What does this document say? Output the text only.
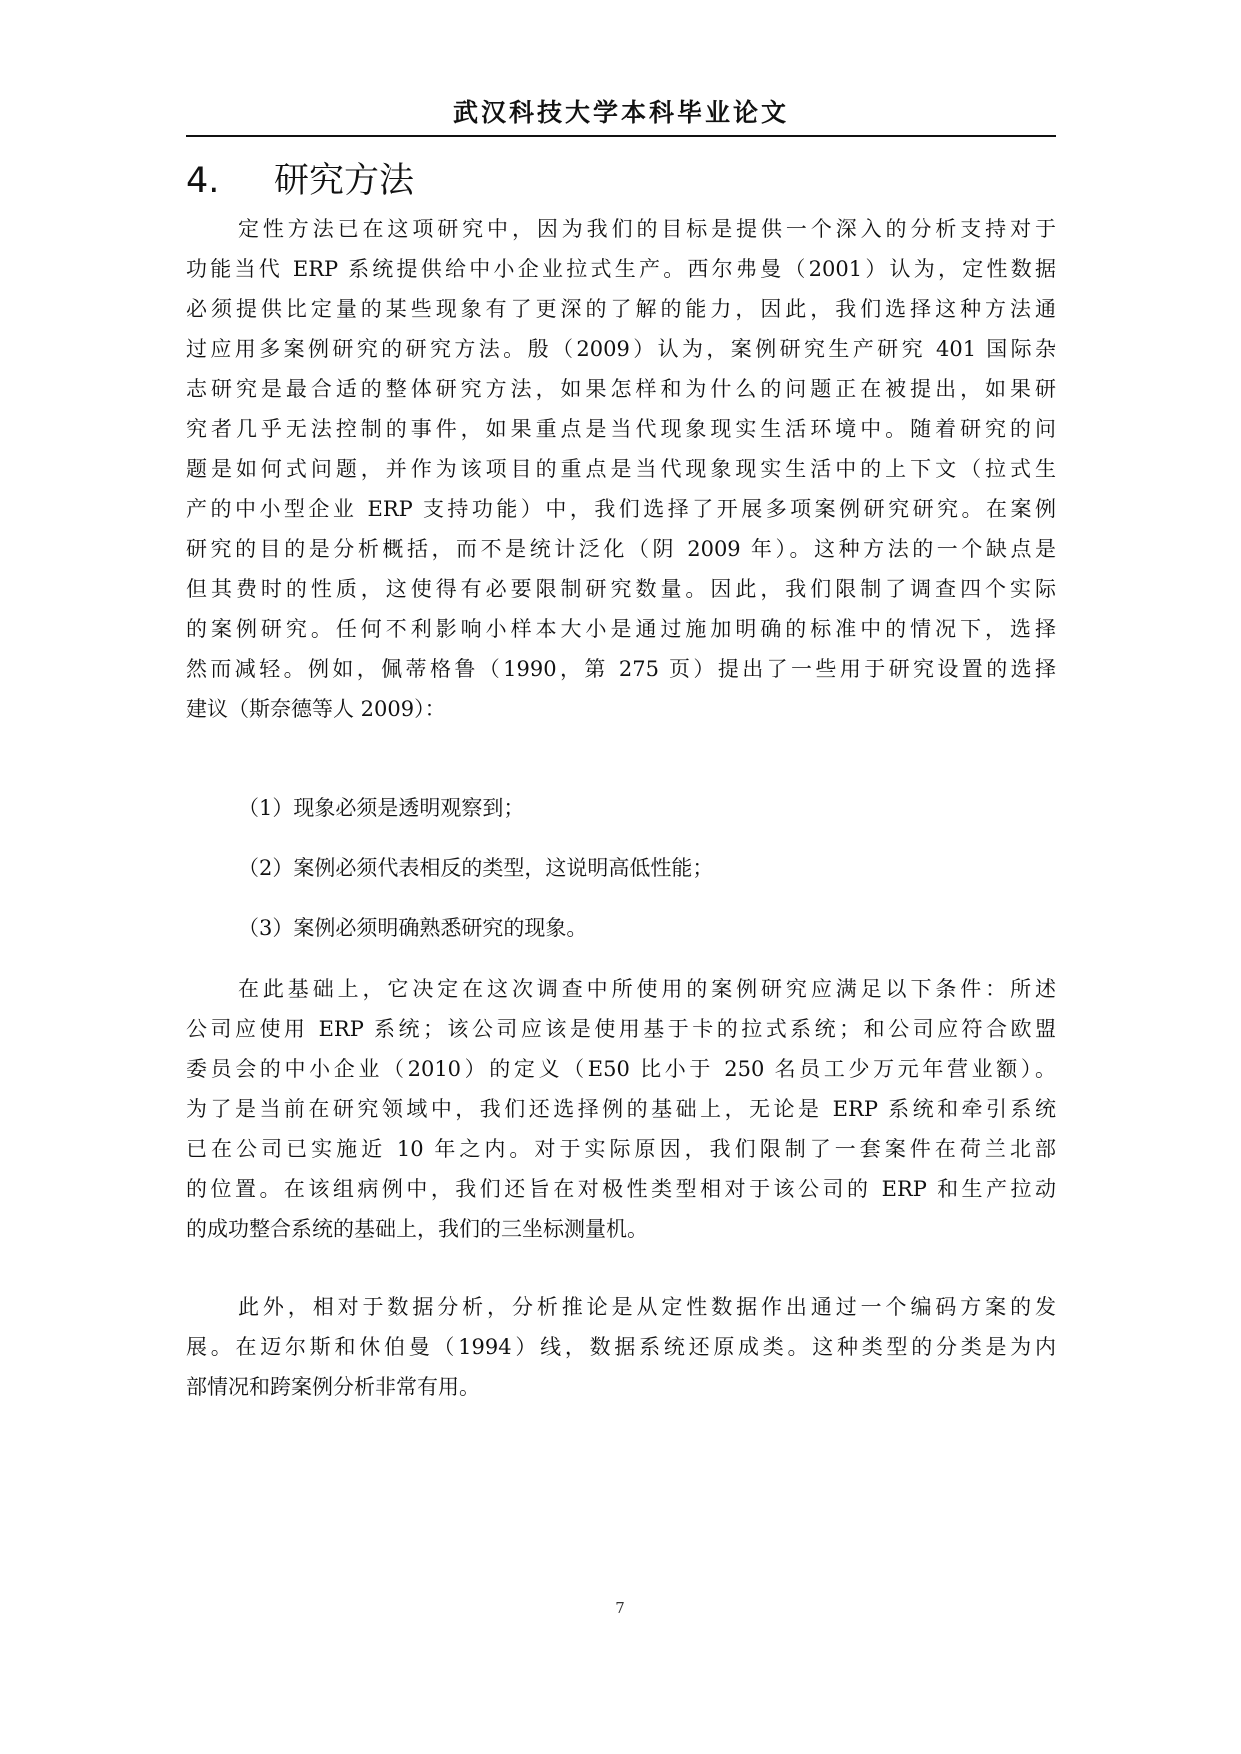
武汉科技大学本科毕业论文
4. 研究方法
定性方法已在这项研究中，因为我们的目标是提供一个深入的分析支持对于
功能当代 ERP 系统提供给中小企业拉式生产。西尔弗曼（2001）认为，定性数据
必须提供比定量的某些现象有了更深的了解的能力，因此，我们选择这种方法通
过应用多案例研究的研究方法。殷（2009）认为，案例研究生产研究 401 国际杂
志研究是最合适的整体研究方法，如果怎样和为什么的问题正在被提出，如果研
究者几乎无法控制的事件，如果重点是当代现象现实生活环境中。随着研究的问
题是如何式问题，并作为该项目的重点是当代现象现实生活中的上下文（拉式生
产的中小型企业 ERP 支持功能）中，我们选择了开展多项案例研究研究。在案例
研究的目的是分析概括，而不是统计泛化（阴 2009 年）。这种方法的一个缺点是
但其费时的性质，这使得有必要限制研究数量。因此，我们限制了调查四个实际
的案例研究。任何不利影响小样本大小是通过施加明确的标准中的情况下，选择
然而减轻。例如，佩蒂格鲁（1990，第 275 页）提出了一些用于研究设置的选择
建议（斯奈德等人 2009）：
（1）现象必须是透明观察到；
（2）案例必须代表相反的类型，这说明高低性能；
（3）案例必须明确熟悉研究的现象。
在此基础上，它决定在这次调查中所使用的案例研究应满足以下条件：所述
公司应使用 ERP 系统；该公司应该是使用基于卡的拉式系统；和公司应符合欧盟
委员会的中小企业（2010）的定义（E50 比小于 250 名员工少万元年营业额）。
为了是当前在研究领域中，我们还选择例的基础上，无论是 ERP 系统和牵引系统
已在公司已实施近 10 年之内。对于实际原因，我们限制了一套案件在荷兰北部
的位置。在该组病例中，我们还旨在对极性类型相对于该公司的 ERP 和生产拉动
的成功整合系统的基础上，我们的三坐标测量机。
此外，相对于数据分析，分析推论是从定性数据作出通过一个编码方案的发
展。在迈尔斯和休伯曼（1994）线，数据系统还原成类。这种类型的分类是为内
部情况和跨案例分析非常有用。
7
